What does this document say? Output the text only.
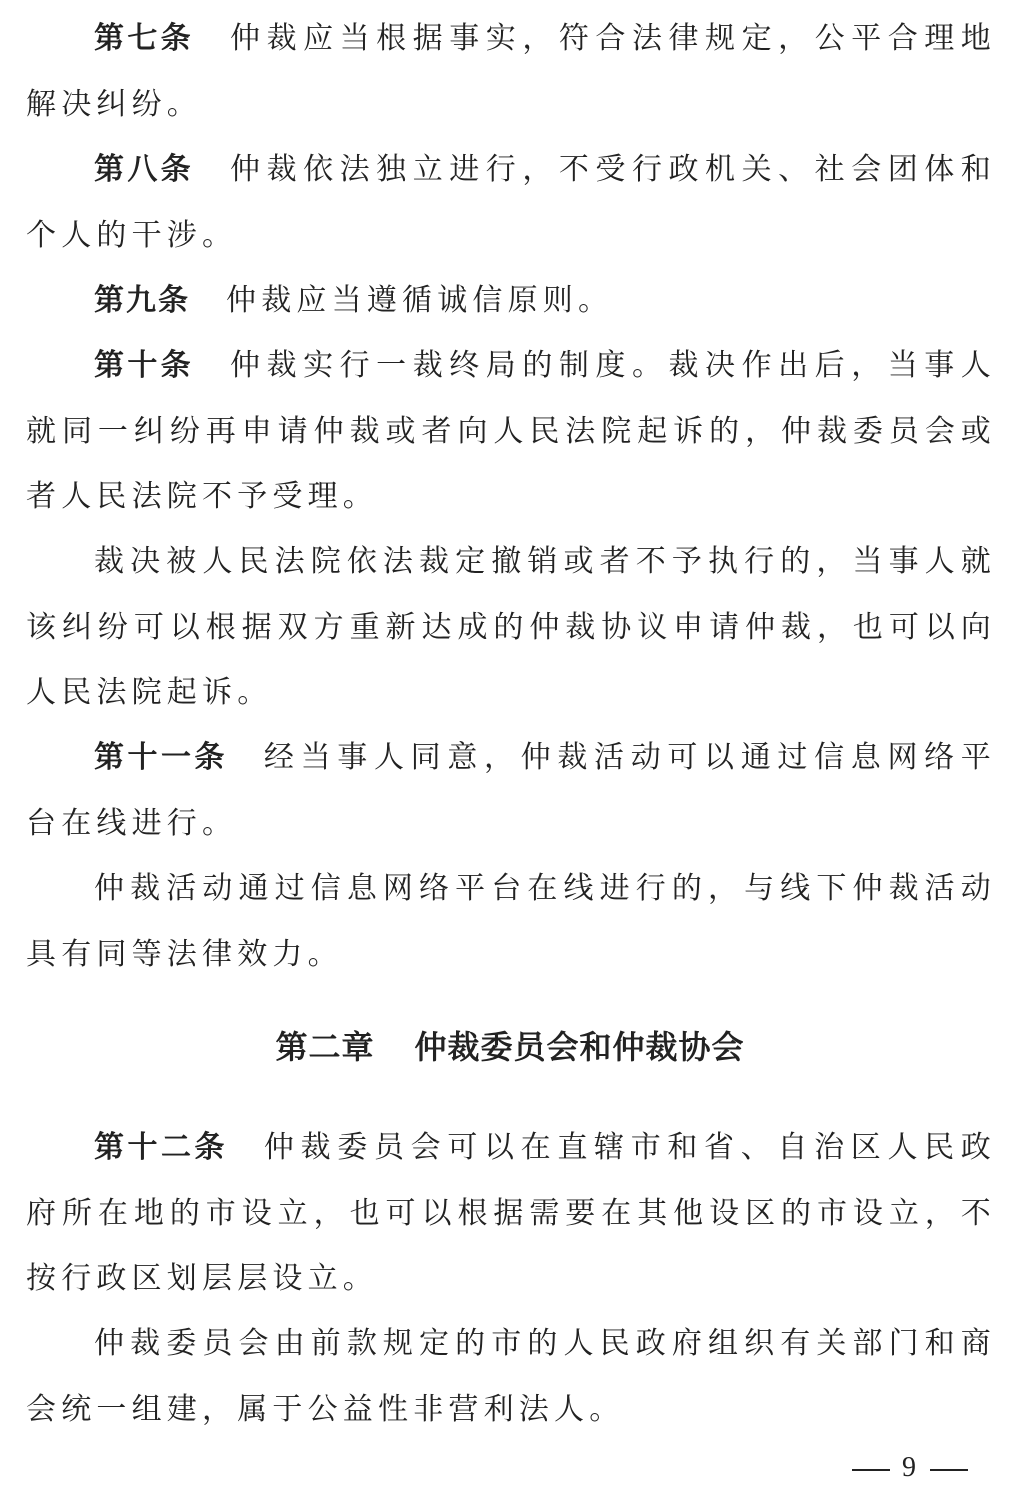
第七条 仲裁应当根据事实，符合法律规定，公平合理地解决纠纷。

第八条 仲裁依法独立进行，不受行政机关、社会团体和个人的干涉。

第九条 仲裁应当遵循诚信原则。

第十条 仲裁实行一裁终局的制度。裁决作出后，当事人就同一纠纷再申请仲裁或者向人民法院起诉的，仲裁委员会或者人民法院不予受理。

裁决被人民法院依法裁定撤销或者不予执行的，当事人就该纠纷可以根据双方重新达成的仲裁协议申请仲裁，也可以向人民法院起诉。

第十一条 经当事人同意，仲裁活动可以通过信息网络平台在线进行。

仲裁活动通过信息网络平台在线进行的，与线下仲裁活动具有同等法律效力。

第二章 仲裁委员会和仲裁协会

第十二条 仲裁委员会可以在直辖市和省、自治区人民政府所在地的市设立，也可以根据需要在其他设区的市设立，不按行政区划层层设立。

仲裁委员会由前款规定的市的人民政府组织有关部门和商会统一组建，属于公益性非营利法人。

9
